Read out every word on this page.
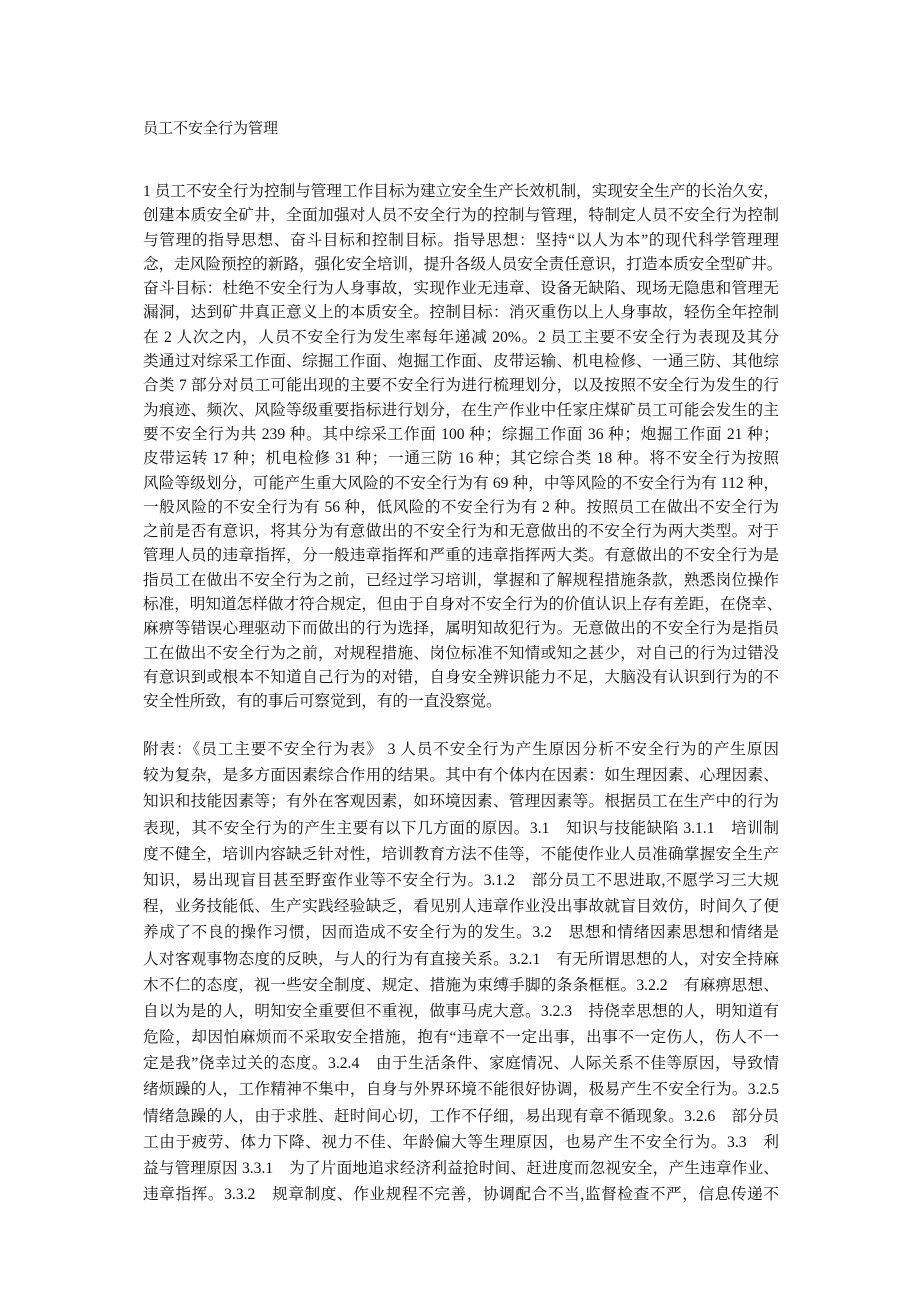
员工不安全行为管理
1 员工不安全行为控制与管理工作目标为建立安全生产长效机制，实现安全生产的长治久安，
创建本质安全矿井，全面加强对人员不安全行为的控制与管理，特制定人员不安全行为控制
与管理的指导思想、奋斗目标和控制目标。指导思想：坚持“以人为本”的现代科学管理理
念，走风险预控的新路，强化安全培训，提升各级人员安全责任意识，打造本质安全型矿井。
奋斗目标：杜绝不安全行为人身事故，实现作业无违章、设备无缺陷、现场无隐患和管理无
漏洞，达到矿井真正意义上的本质安全。控制目标：消灭重伤以上人身事故，轻伤全年控制
在 2 人次之内，人员不安全行为发生率每年递减 20%。2 员工主要不安全行为表现及其分
类通过对综采工作面、综掘工作面、炮掘工作面、皮带运输、机电检修、一通三防、其他综
合类 7 部分对员工可能出现的主要不安全行为进行梳理划分，以及按照不安全行为发生的行
为痕迹、频次、风险等级重要指标进行划分，在生产作业中任家庄煤矿员工可能会发生的主
要不安全行为共 239 种。其中综采工作面 100 种；综掘工作面 36 种；炮掘工作面 21 种；
皮带运转 17 种；机电检修 31 种；一通三防 16 种；其它综合类 18 种。将不安全行为按照
风险等级划分，可能产生重大风险的不安全行为有 69 种，中等风险的不安全行为有 112 种，
一般风险的不安全行为有 56 种，低风险的不安全行为有 2 种。按照员工在做出不安全行为
之前是否有意识，将其分为有意做出的不安全行为和无意做出的不安全行为两大类型。对于
管理人员的违章指挥，分一般违章指挥和严重的违章指挥两大类。有意做出的不安全行为是
指员工在做出不安全行为之前，已经过学习培训，掌握和了解规程措施条款，熟悉岗位操作
标准，明知道怎样做才符合规定，但由于自身对不安全行为的价值认识上存有差距，在侥幸、
麻痹等错误心理驱动下而做出的行为选择，属明知故犯行为。无意做出的不安全行为是指员
工在做出不安全行为之前，对规程措施、岗位标准不知情或知之甚少，对自己的行为过错没
有意识到或根本不知道自己行为的对错，自身安全辨识能力不足，大脑没有认识到行为的不
安全性所致，有的事后可察觉到，有的一直没察觉。
附表：《员工主要不安全行为表》 3 人员不安全行为产生原因分析不安全行为的产生原因
较为复杂，是多方面因素综合作用的结果。其中有个体内在因素：如生理因素、心理因素、
知识和技能因素等；有外在客观因素，如环境因素、管理因素等。根据员工在生产中的行为
表现，其不安全行为的产生主要有以下几方面的原因。3.1　知识与技能缺陷 3.1.1　培训制
度不健全，培训内容缺乏针对性，培训教育方法不佳等，不能使作业人员准确掌握安全生产
知识，易出现盲目甚至野蛮作业等不安全行为。3.1.2　部分员工不思进取,不愿学习三大规
程，业务技能低、生产实践经验缺乏，看见别人违章作业没出事故就盲目效仿，时间久了便
养成了不良的操作习惯，因而造成不安全行为的发生。3.2　思想和情绪因素思想和情绪是
人对客观事物态度的反映，与人的行为有直接关系。3.2.1　有无所谓思想的人，对安全持麻
木不仁的态度，视一些安全制度、规定、措施为束缚手脚的条条框框。3.2.2　有麻痹思想、
自以为是的人，明知安全重要但不重视，做事马虎大意。3.2.3　持侥幸思想的人，明知道有
危险，却因怕麻烦而不采取安全措施，抱有“违章不一定出事，出事不一定伤人，伤人不一
定是我”侥幸过关的态度。3.2.4　由于生活条件、家庭情况、人际关系不佳等原因，导致情
绪烦躁的人，工作精神不集中，自身与外界环境不能很好协调，极易产生不安全行为。3.2.5
情绪急躁的人，由于求胜、赶时间心切，工作不仔细，易出现有章不循现象。3.2.6　部分员
工由于疲劳、体力下降、视力不佳、年龄偏大等生理原因，也易产生不安全行为。3.3　利
益与管理原因 3.3.1　为了片面地追求经济利益抢时间、赶进度而忽视安全，产生违章作业、
违章指挥。3.3.2　规章制度、作业规程不完善，协调配合不当,监督检查不严，信息传递不
